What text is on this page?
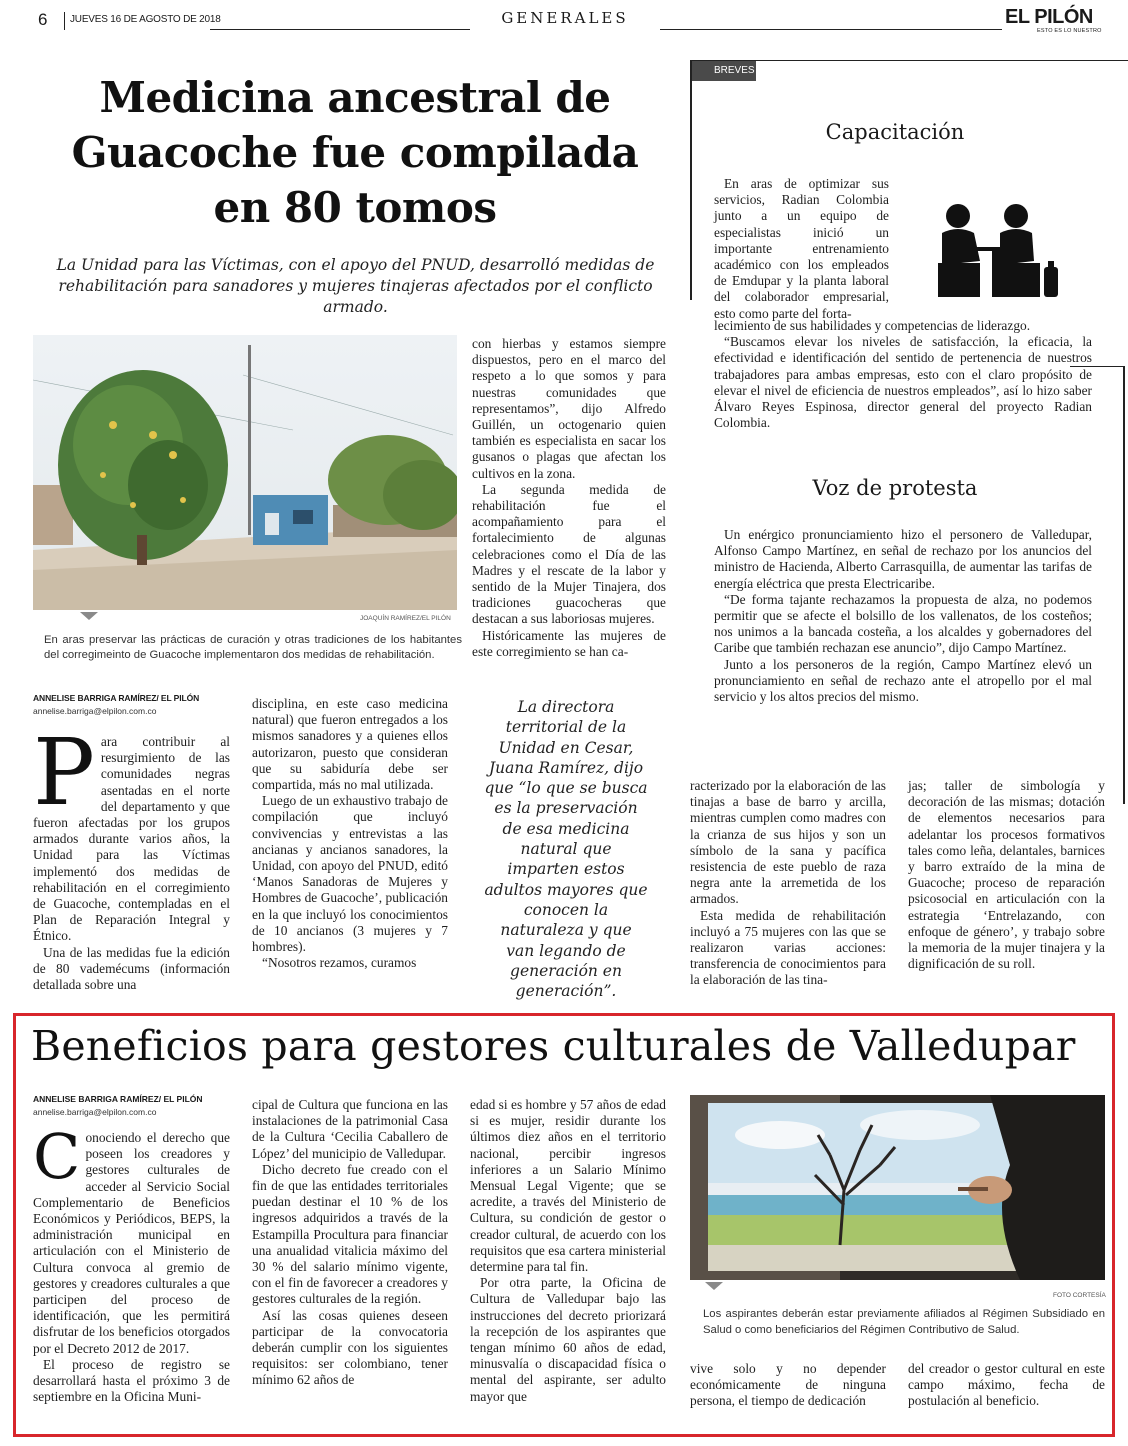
6 JUEVES 16 DE AGOSTO DE 2018	GENERALES	EL PILÓN
ESTO ES LO NUESTRO
Medicina ancestral de Guacoche fue compilada en 80 tomos
La Unidad para las Víctimas, con el apoyo del PNUD, desarrolló medidas de rehabilitación para sanadores y mujeres tinajeras afectados por el conflicto armado.
JOAQUÍN RAMÍREZ/EL PILÓN
En aras preservar las prácticas de curación y otras tradiciones de los habitantes del corregimeinto de Guacoche implementaron dos medidas de rehabilitación.

con hierbas y estamos siempre dispuestos, pero en el marco del respeto a lo que somos y para nuestras comunidades que representamos”, dijo Alfredo Guillén, un octogenario quien también es especialista en sacar los gusanos o plagas que afectan los cultivos en la zona.

La segunda medida de rehabilitación fue el acompañamiento para el fortalecimiento de algunas celebraciones como el Día de las Madres y el rescate de la labor y sentido de la Mujer Tinajera, dos tradiciones guacocheras que destacan a sus laboriosas mujeres.

Históricamente las mujeres de este corregimiento se han ca-

ANNELISE BARRIGA RAMÍREZ/ EL PILÓN
annelise.barriga@elpilon.com.co

Para contribuir al resurgimiento de las comunidades negras asentadas en el norte del departamento y que fueron afectadas por los grupos armados durante varios años, la Unidad para las Víctimas implementó dos medidas de rehabilitación en el corregimiento de Guacoche, contempladas en el Plan de Reparación Integral y Étnico.

Una de las medidas fue la edición de 80 vademécums (información detallada sobre una

disciplina, en este caso medicina natural) que fueron entregados a los mismos sanadores y a quienes ellos autorizaron, puesto que consideran que su sabiduría debe ser compartida, más no mal utilizada.

Luego de un exhaustivo trabajo de compilación que incluyó convivencias y entrevistas a las ancianas y ancianos sanadores, la Unidad, con apoyo del PNUD, editó ‘Manos Sanadoras de Mujeres y Hombres de Guacoche’, publicación en la que incluyó los conocimientos de 10 ancianos (3 mujeres y 7 hombres).

“Nosotros rezamos, curamos

La directora territorial de la Unidad en Cesar, Juana Ramírez, dijo que “lo que se busca es la preservación de esa medicina natural que imparten estos adultos mayores que conocen la naturaleza y que van legando de generación en generación”.

racterizado por la elaboración de las tinajas a base de barro y arcilla, mientras cumplen como madres con la crianza de sus hijos y son un símbolo de la sana y pacífica resistencia de este pueblo de raza negra ante la arremetida de los armados.

Esta medida de rehabilitación incluyó a 75 mujeres con las que se realizaron varias acciones: transferencia de conocimientos para la elaboración de las tina-

jas; taller de simbología y decoración de las mismas; dotación de elementos necesarios para adelantar los procesos formativos tales como leña, delantales, barnices y barro extraído de la mina de Guacoche; proceso de reparación psicosocial en articulación con la estrategia ‘Entrelazando, con enfoque de género’, y trabajo sobre la memoria de la mujer tinajera y la dignificación de su roll.

BREVES
Capacitación
En aras de optimizar sus servicios, Radian Colombia junto a un equipo de especialistas inició un importante entrenamiento académico con los empleados de Emdupar y la planta laboral del colaborador empresarial, esto como parte del forta-

lecimiento de sus habilidades y competencias de liderazgo.

“Buscamos elevar los niveles de satisfacción, la eficacia, la efectividad e identificación del sentido de pertenencia de nuestros trabajadores para ambas empresas, esto con el claro propósito de elevar el nivel de eficiencia de nuestros empleados”, así lo hizo saber Álvaro Reyes Espinosa, director general del proyecto Radian Colombia.

Voz de protesta

Un enérgico pronunciamiento hizo el personero de Valledupar, Alfonso Campo Martínez, en señal de rechazo por los anuncios del ministro de Hacienda, Alberto Carrasquilla, de aumentar las tarifas de energía eléctrica que presta Electricaribe.

“De forma tajante rechazamos la propuesta de alza, no podemos permitir que se afecte el bolsillo de los vallenatos, de los costeños; nos unimos a la bancada costeña, a los alcaldes y gobernadores del Caribe que también rechazan ese anuncio”, dijo Campo Martínez.

Junto a los personeros de la región, Campo Martínez elevó un pronunciamiento en señal de rechazo ante el atropello por el mal servicio y los altos precios del mismo.

Beneficios para gestores culturales de Valledupar
ANNELISE BARRIGA RAMÍREZ/ EL PILÓN
annelise.barriga@elpilon.com.co

Conociendo el derecho que poseen los creadores y gestores culturales de acceder al Servicio Social Complementario de Beneficios Económicos y Periódicos, BEPS, la administración municipal en articulación con el Ministerio de Cultura convoca al gremio de gestores y creadores culturales a que participen del proceso de identificación, que les permitirá disfrutar de los beneficios otorgados por el Decreto 2012 de 2017.

El proceso de registro se desarrollará hasta el próximo 3 de septiembre en la Oficina Muni-

cipal de Cultura que funciona en las instalaciones de la patrimonial Casa de la Cultura ‘Cecilia Caballero de López’ del municipio de Valledupar.

Dicho decreto fue creado con el fin de que las entidades territoriales puedan destinar el 10 % de los ingresos adquiridos a través de la Estampilla Procultura para financiar una anualidad vitalicia máximo del 30 % del salario mínimo vigente, con el fin de favorecer a creadores y gestores culturales de la región.

Así las cosas quienes deseen participar de la convocatoria deberán cumplir con los siguientes requisitos: ser colombiano, tener mínimo 62 años de

edad si es hombre y 57 años de edad si es mujer, residir durante los últimos diez años en el territorio nacional, percibir ingresos inferiores a un Salario Mínimo Mensual Legal Vigente; que se acredite, a través del Ministerio de Cultura, su condición de gestor o creador cultural, de acuerdo con los requisitos que esa cartera ministerial determine para tal fin.

Por otra parte, la Oficina de Cultura de Valledupar bajo las instrucciones del decreto priorizará la recepción de los aspirantes que tengan mínimo 60 años de edad, minusvalía o discapacidad física o mental del aspirante, ser adulto mayor que

FOTO CORTESÍA
Los aspirantes deberán estar previamente afiliados al Régimen Subsidiado en Salud o como beneficiarios del Régimen Contributivo de Salud.

vive solo y no depender económicamente de ninguna persona, el tiempo de dedicación

del creador o gestor cultural en este campo máximo, fecha de postulación al beneficio.
